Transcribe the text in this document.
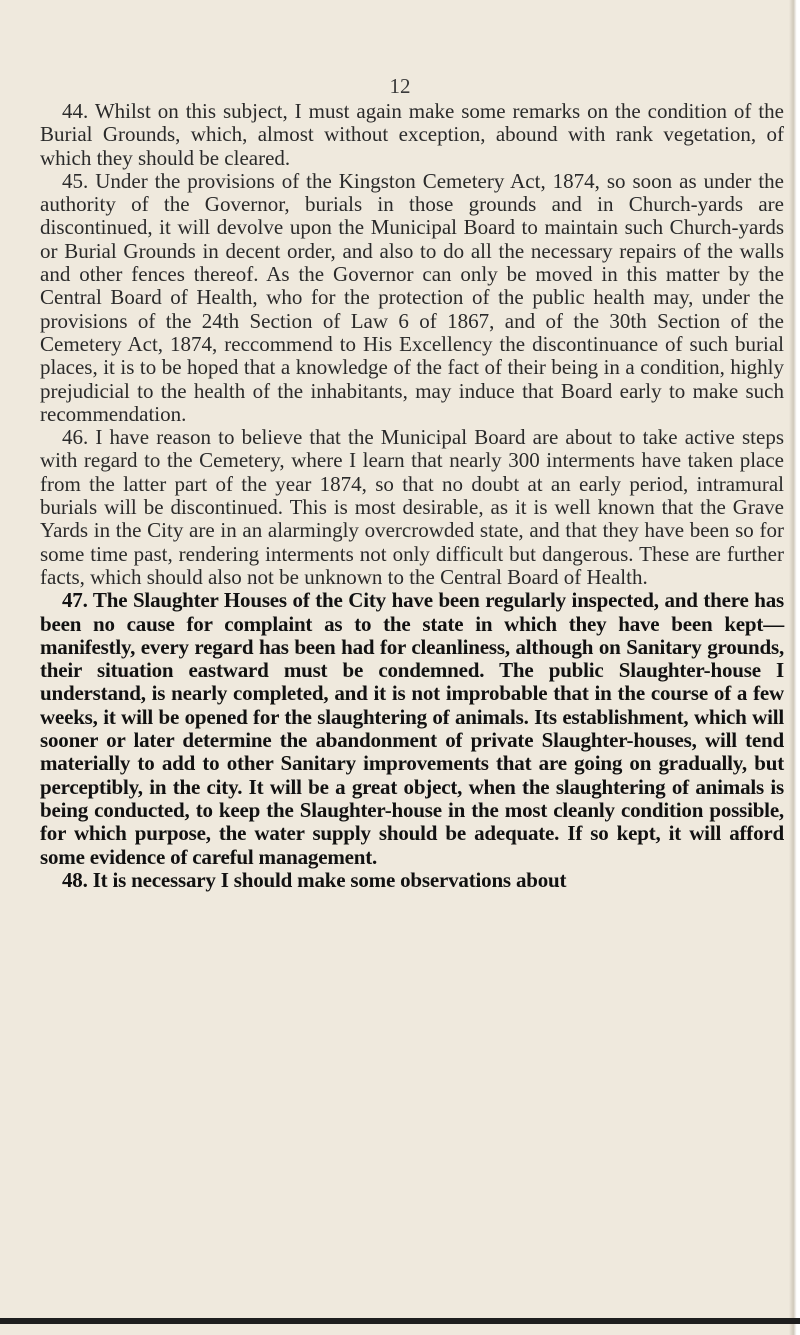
12

44. Whilst on this subject, I must again make some remarks on the condition of the Burial Grounds, which, almost without exception, abound with rank vegetation, of which they should be cleared.

45. Under the provisions of the Kingston Cemetery Act, 1874, so soon as under the authority of the Governor, burials in those grounds and in Church-yards are discontinued, it will devolve upon the Municipal Board to maintain such Church-yards or Burial Grounds in decent order, and also to do all the necessary repairs of the walls and other fences thereof. As the Governor can only be moved in this matter by the Central Board of Health, who for the protection of the public health may, under the provisions of the 24th Section of Law 6 of 1867, and of the 30th Section of the Cemetery Act, 1874, reccommend to His Excellency the discontinuance of such burial places, it is to be hoped that a knowledge of the fact of their being in a condition, highly prejudicial to the health of the inhabitants, may induce that Board early to make such recommendation.

46. I have reason to believe that the Municipal Board are about to take active steps with regard to the Cemetery, where I learn that nearly 300 interments have taken place from the latter part of the year 1874, so that no doubt at an early period, intramural burials will be discontinued. This is most desirable, as it is well known that the Grave Yards in the City are in an alarmingly overcrowded state, and that they have been so for some time past, rendering interments not only difficult but dangerous. These are further facts, which should also not be unknown to the Central Board of Health.

47. The Slaughter Houses of the City have been regularly inspected, and there has been no cause for complaint as to the state in which they have been kept—manifestly, every regard has been had for cleanliness, although on Sanitary grounds, their situation eastward must be condemned. The public Slaughter-house I understand, is nearly completed, and it is not improbable that in the course of a few weeks, it will be opened for the slaughtering of animals. Its establishment, which will sooner or later determine the abandonment of private Slaughter-houses, will tend materially to add to other Sanitary improvements that are going on gradually, but perceptibly, in the city. It will be a great object, when the slaughtering of animals is being conducted, to keep the Slaughter-house in the most cleanly condition possible, for which purpose, the water supply should be adequate. If so kept, it will afford some evidence of careful management.

48. It is necessary I should make some observations about
